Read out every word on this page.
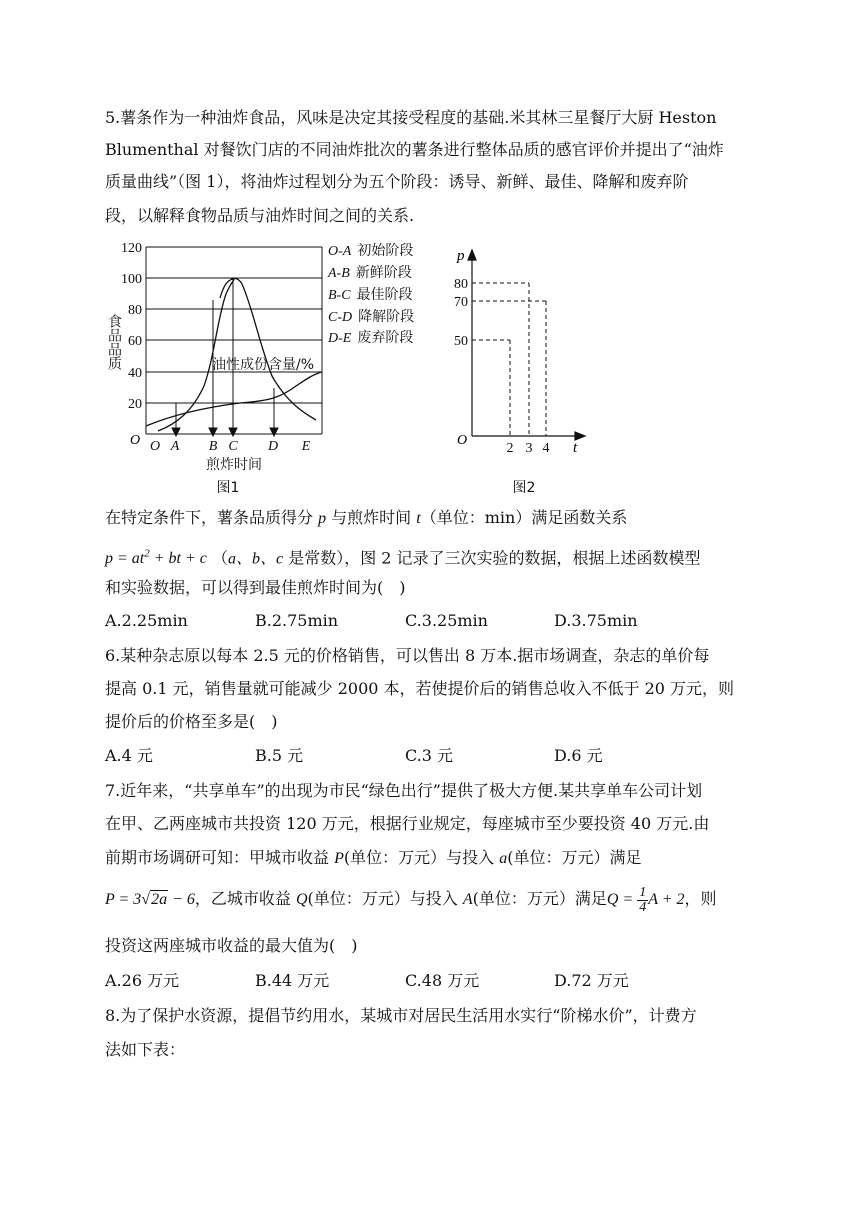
5.薯条作为一种油炸食品，风味是决定其接受程度的基础.米其林三星餐厅大厨 Heston
Blumenthal 对餐饮门店的不同油炸批次的薯条进行整体品质的感官评价并提出了“油炸
质量曲线”（图 1），将油炸过程划分为五个阶段：诱导、新鲜、最佳、降解和废弃阶
段，以解释食物品质与油炸时间之间的关系.
120
100
80
60
40
20
O O A B C D E
食品品质
煎炸时间
图1
油性成份含量/%
O-A 初始阶段
A-B 新鲜阶段
B-C 最佳阶段
C-D 降解阶段
D-E 废弃阶段
p
80
70
50
O
2 3 4 t
图2
在特定条件下，薯条品质得分 p 与煎炸时间 t（单位：min）满足函数关系
$p = at^2$ + bt + c （a、b、c 是常数），图 2 记录了三次实验的数据，根据上述函数模型
和实验数据，可以得到最佳煎炸时间为(　)
A.2.25min	B.2.75min	C.3.25min	D.3.75min
6.某种杂志原以每本 2.5 元的价格销售，可以售出 8 万本.据市场调查，杂志的单价每
提高 0.1 元，销售量就可能减少 2000 本，若使提价后的销售总收入不低于 20 万元，则
提价后的价格至多是(　)
A.4 元	B.5 元	C.3 元	D.6 元
7.近年来，“共享单车”的出现为市民“绿色出行”提供了极大方便.某共享单车公司计划
在甲、乙两座城市共投资 120 万元，根据行业规定，每座城市至少要投资 40 万元.由
前期市场调研可知：甲城市收益 P(单位：万元）与投入 a(单位：万元）满足
P = 3√2a − 6，乙城市收益 Q(单位：万元）与投入 A(单位：万元）满足$Q = \frac{1}{4}$ A + 2，则
投资这两座城市收益的最大值为(　)
A.26 万元	B.44 万元	C.48 万元	D.72 万元
8.为了保护水资源，提倡节约用水，某城市对居民生活用水实行“阶梯水价”，计费方
法如下表：
